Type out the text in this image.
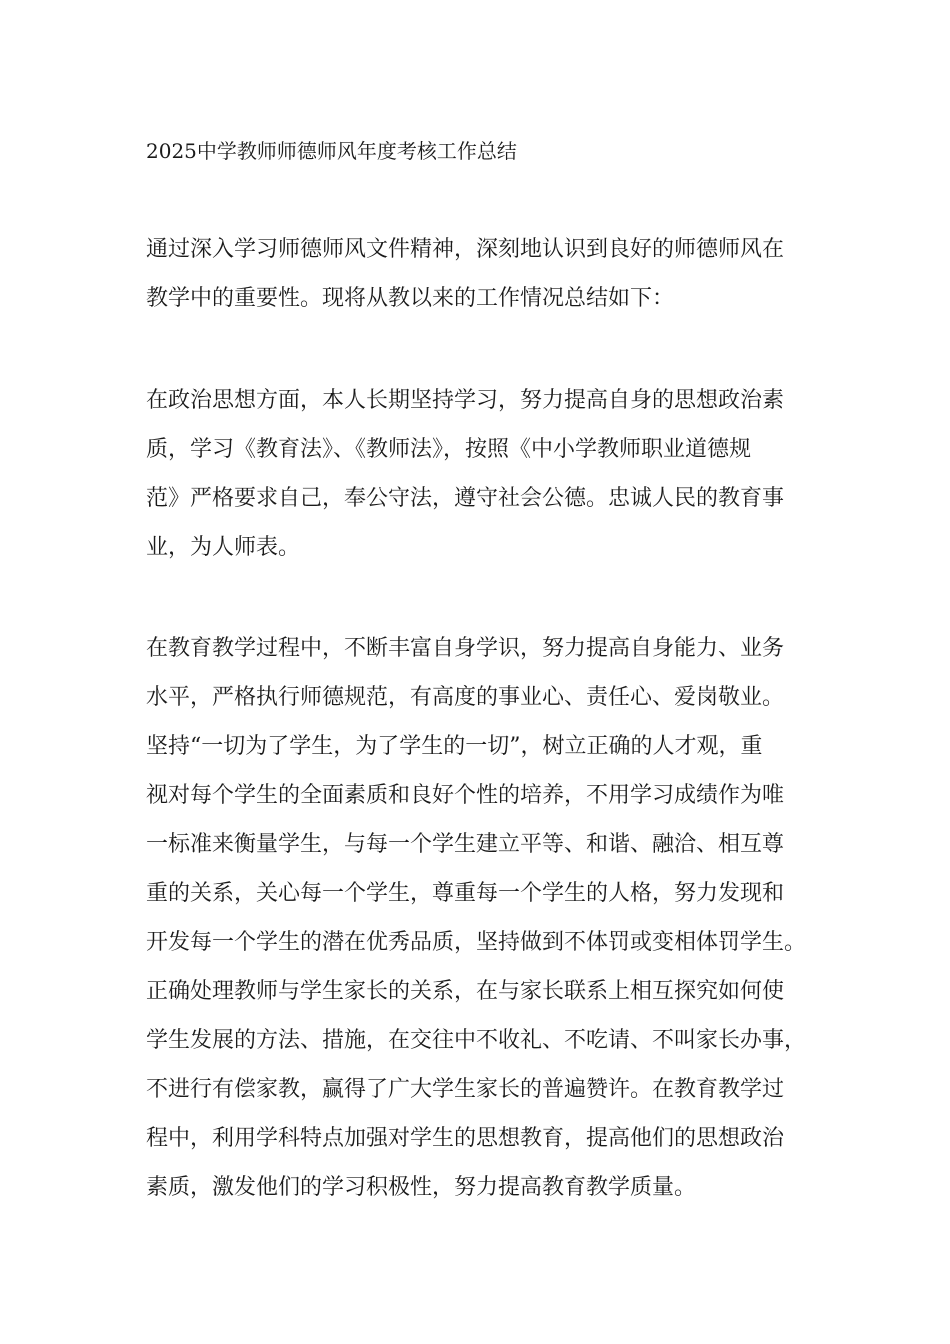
2025中学教师师德师风年度考核工作总结
通过深入学习师德师风文件精神，深刻地认识到良好的师德师风在
教学中的重要性。现将从教以来的工作情况总结如下：
在政治思想方面，本人长期坚持学习，努力提高自身的思想政治素
质，学习《教育法》、《教师法》，按照《中小学教师职业道德规
范》严格要求自己，奉公守法，遵守社会公德。忠诚人民的教育事
业，为人师表。
在教育教学过程中，不断丰富自身学识，努力提高自身能力、业务
水平，严格执行师德规范，有高度的事业心、责任心、爱岗敬业。
坚持“一切为了学生，为了学生的一切”，树立正确的人才观，重
视对每个学生的全面素质和良好个性的培养，不用学习成绩作为唯
一标准来衡量学生，与每一个学生建立平等、和谐、融洽、相互尊
重的关系，关心每一个学生，尊重每一个学生的人格，努力发现和
开发每一个学生的潜在优秀品质，坚持做到不体罚或变相体罚学生。
正确处理教师与学生家长的关系，在与家长联系上相互探究如何使
学生发展的方法、措施，在交往中不收礼、不吃请、不叫家长办事，
不进行有偿家教，赢得了广大学生家长的普遍赞许。在教育教学过
程中，利用学科特点加强对学生的思想教育，提高他们的思想政治
素质，激发他们的学习积极性，努力提高教育教学质量。
